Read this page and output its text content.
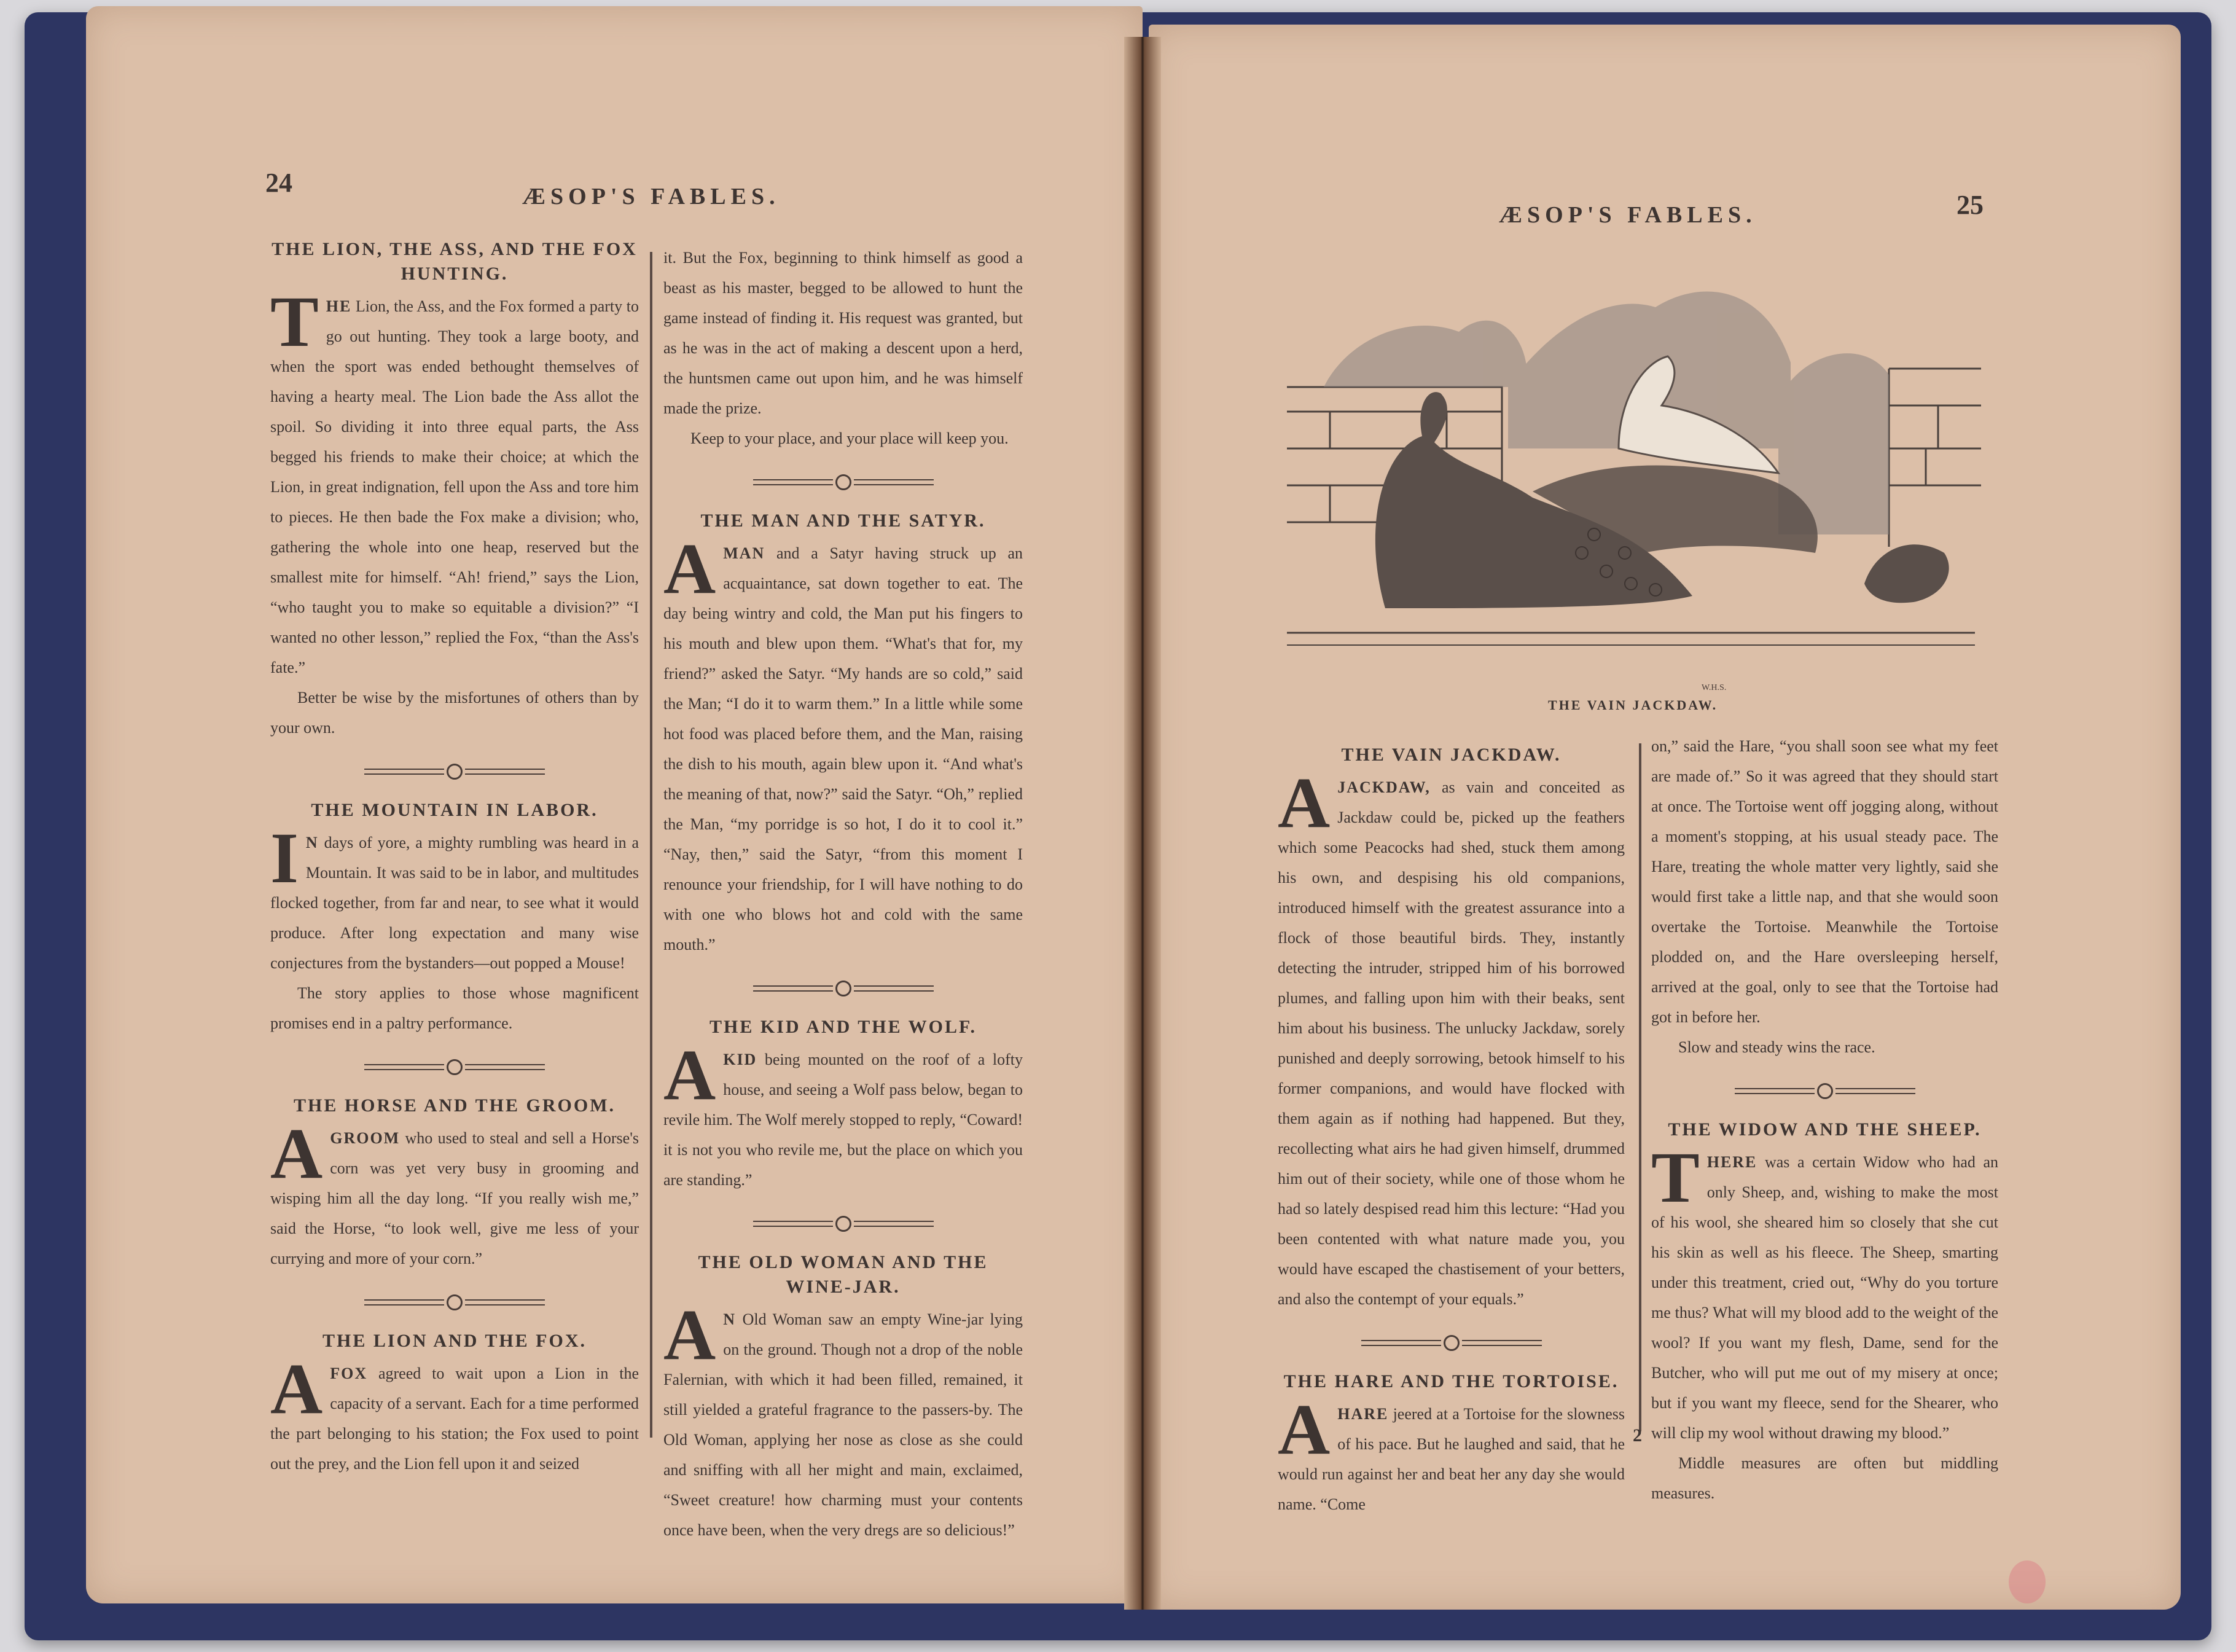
24	ÆSOP'S FABLES.
ÆSOP'S FABLES.	25
THE LION, THE ASS, AND THE FOX HUNTING.

THE Lion, the Ass, and the Fox formed a party to go out hunting. They took a large booty, and when the sport was ended bethought themselves of having a hearty meal. The Lion bade the Ass allot the spoil. So dividing it into three equal parts, the Ass begged his friends to make their choice; at which the Lion, in great indignation, fell upon the Ass and tore him to pieces. He then bade the Fox make a division; who, gathering the whole into one heap, reserved but the smallest mite for himself. “Ah! friend,” says the Lion, “who taught you to make so equitable a division?” “I wanted no other lesson,” replied the Fox, “than the Ass's fate.”

Better be wise by the misfortunes of others than by your own.

THE MOUNTAIN IN LABOR.

I N days of yore, a mighty rumbling was heard in a Mountain. It was said to be in labor, and multitudes flocked together, from far and near, to see what it would produce. After long expectation and many wise conjectures from the bystanders—out popped a Mouse!

The story applies to those whose magnificent promises end in a paltry performance.

THE HORSE AND THE GROOM.

AGROOM who used to steal and sell a Horse's corn was yet very busy in grooming and wisping him all the day long. “If you really wish me,” said the Horse, “to look well, give me less of your currying and more of your corn.”

THE LION AND THE FOX.

AFOX agreed to wait upon a Lion in the capacity of a servant. Each for a time performed the part belonging to his station; the Fox used to point out the prey, and the Lion fell upon it and seized

it. But the Fox, beginning to think himself as good a beast as his master, begged to be allowed to hunt the game instead of finding it. His request was granted, but as he was in the act of making a descent upon a herd, the huntsmen came out upon him, and he was himself made the prize.

Keep to your place, and your place will keep you.

THE MAN AND THE SATYR.

AMAN and a Satyr having struck up an acquaintance, sat down together to eat. The day being wintry and cold, the Man put his fingers to his mouth and blew upon them. “What's that for, my friend?” asked the Satyr. “My hands are so cold,” said the Man; “I do it to warm them.” In a little while some hot food was placed before them, and the Man, raising the dish to his mouth, again blew upon it. “And what's the meaning of that, now?” said the Satyr. “Oh,” replied the Man, “my porridge is so hot, I do it to cool it.” “Nay, then,” said the Satyr, “from this moment I renounce your friendship, for I will have nothing to do with one who blows hot and cold with the same mouth.”

THE KID AND THE WOLF.

AKID being mounted on the roof of a lofty house, and seeing a Wolf pass below, began to revile him. The Wolf merely stopped to reply, “Coward! it is not you who revile me, but the place on which you are standing.”

THE OLD WOMAN AND THE WINE-JAR.

A N Old Woman saw an empty Wine-jar lying on the ground. Though not a drop of the noble Falernian, with which it had been filled, remained, it still yielded a grateful fragrance to the passers-by. The Old Woman, applying her nose as close as she could and sniffing with all her might and main, exclaimed, “Sweet creature! how charming must your contents once have been, when the very dregs are so delicious!”

W.H.S.
THE VAIN JACKDAW.
THE VAIN JACKDAW.

AJACKDAW, as vain and conceited as Jackdaw could be, picked up the feathers which some Peacocks had shed, stuck them among his own, and despising his old companions, introduced himself with the greatest assurance into a flock of those beautiful birds. They, instantly detecting the intruder, stripped him of his borrowed plumes, and falling upon him with their beaks, sent him about his business. The unlucky Jackdaw, sorely punished and deeply sorrowing, betook himself to his former companions, and would have flocked with them again as if nothing had happened. But they, recollecting what airs he had given himself, drummed him out of their society, while one of those whom he had so lately despised read him this lecture: “Had you been contented with what nature made you, you would have escaped the chastisement of your betters, and also the contempt of your equals.”

THE HARE AND THE TORTOISE.

AHARE jeered at a Tortoise for the slowness of his pace. But he laughed and said, that he would run against her and beat her any day she would name. “Come

2

on,” said the Hare, “you shall soon see what my feet are made of.” So it was agreed that they should start at once. The Tortoise went off jogging along, without a moment's stopping, at his usual steady pace. The Hare, treating the whole matter very lightly, said she would first take a little nap, and that she would soon overtake the Tortoise. Meanwhile the Tortoise plodded on, and the Hare oversleeping herself, arrived at the goal, only to see that the Tortoise had got in before her.

Slow and steady wins the race.

THE WIDOW AND THE SHEEP.

THERE was a certain Widow who had an only Sheep, and, wishing to make the most of his wool, she sheared him so closely that she cut his skin as well as his fleece. The Sheep, smarting under this treatment, cried out, “Why do you torture me thus? What will my blood add to the weight of the wool? If you want my flesh, Dame, send for the Butcher, who will put me out of my misery at once; but if you want my fleece, send for the Shearer, who will clip my wool without drawing my blood.”

Middle measures are often but middling measures.
